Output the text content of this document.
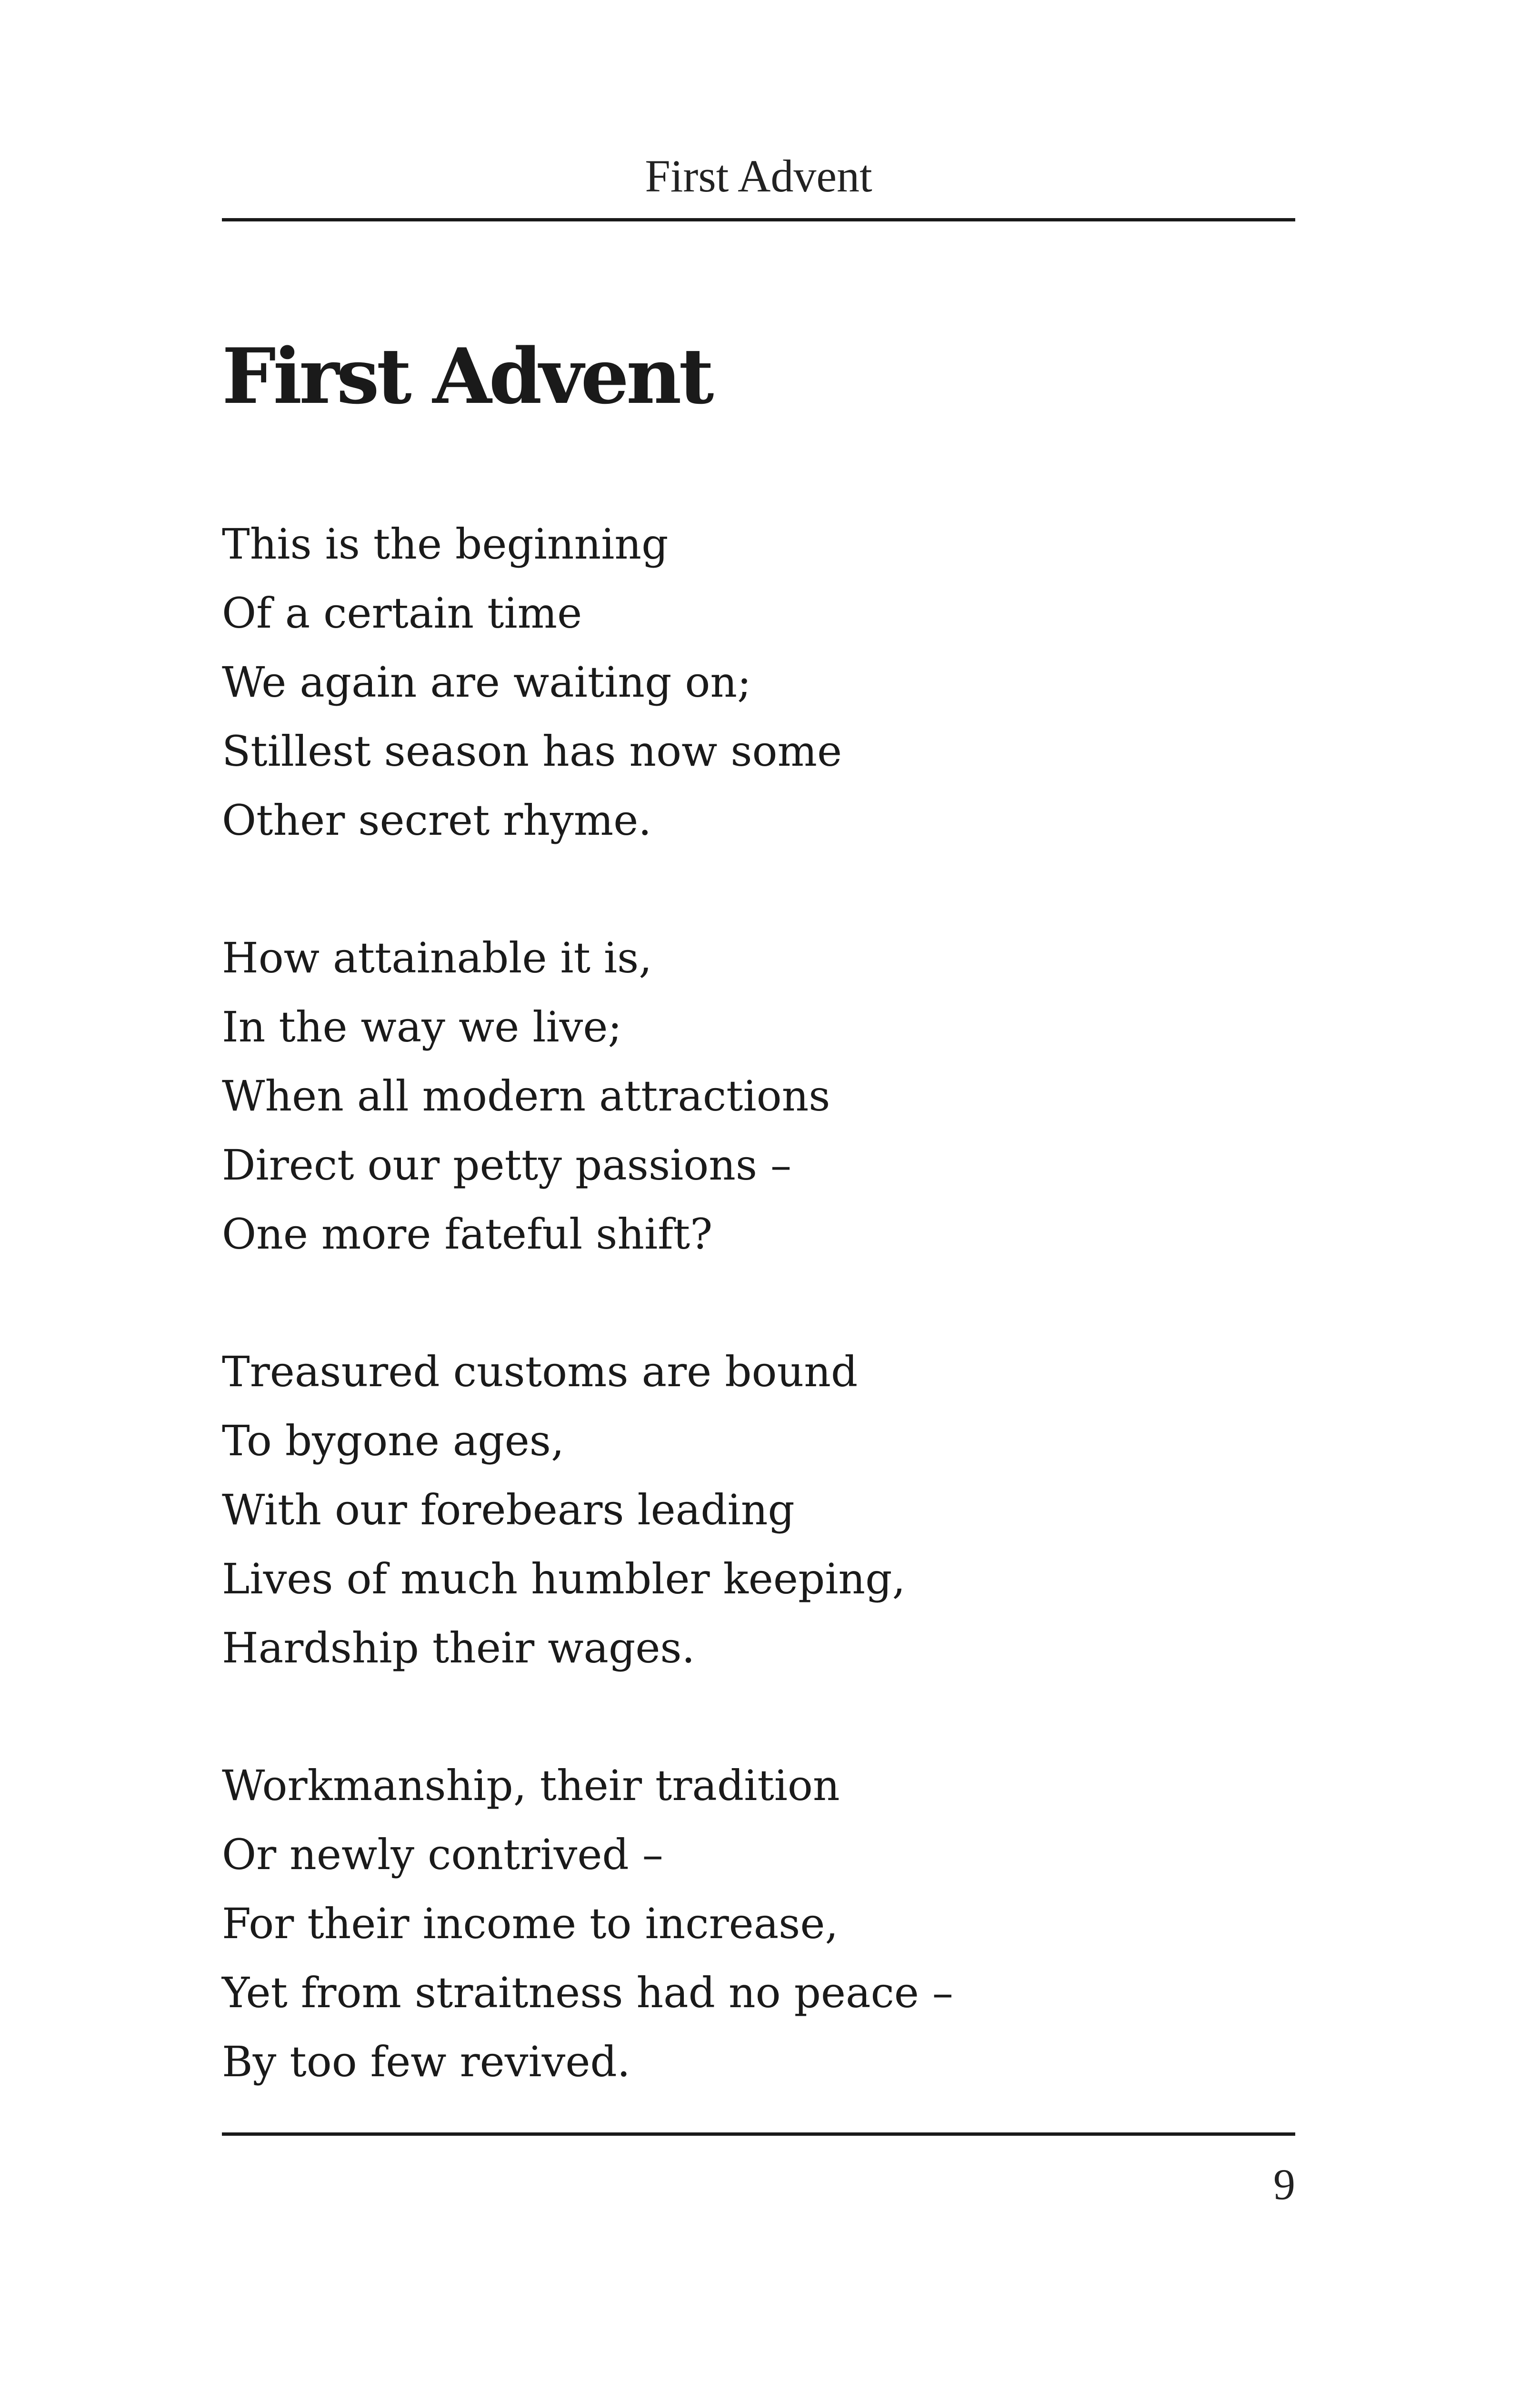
First Advent
First Advent

This is the beginning
Of a certain time
We again are waiting on;
Stillest season has now some
Other secret rhyme.

How attainable it is,
In the way we live;
When all modern attractions
Direct our petty passions –
One more fateful shift?

Treasured customs are bound
To bygone ages,
With our forebears leading
Lives of much humbler keeping,
Hardship their wages.

Workmanship, their tradition
Or newly contrived –
For their income to increase,
Yet from straitness had no peace –
By too few revived.

9
